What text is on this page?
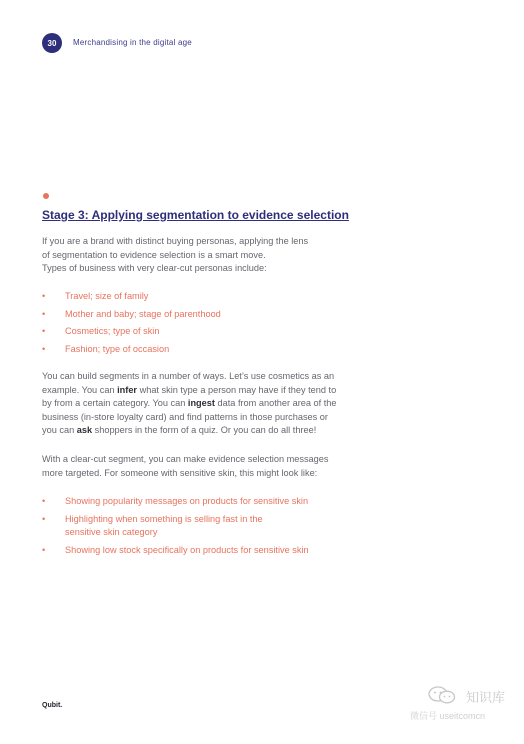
30 Merchandising in the digital age
Stage 3: Applying segmentation to evidence selection
If you are a brand with distinct buying personas, applying the lens
of segmentation to evidence selection is a smart move.
Types of business with very clear-cut personas include:
• Travel; size of family
• Mother and baby; stage of parenthood
• Cosmetics; type of skin
• Fashion; type of occasion
You can build segments in a number of ways. Let’s use cosmetics as an
example. You can infer what skin type a person may have if they tend to
by from a certain category. You can ingest data from another area of the
business (in-store loyalty card) and find patterns in those purchases or
you can ask shoppers in the form of a quiz. Or you can do all three!
With a clear-cut segment, you can make evidence selection messages
more targeted. For someone with sensitive skin, this might look like:
• Showing popularity messages on products for sensitive skin
• Highlighting when something is selling fast in the
sensitive skin category
• Showing low stock specifically on products for sensitive skin
Qubit.
知识库
微信号 useitcomcn
